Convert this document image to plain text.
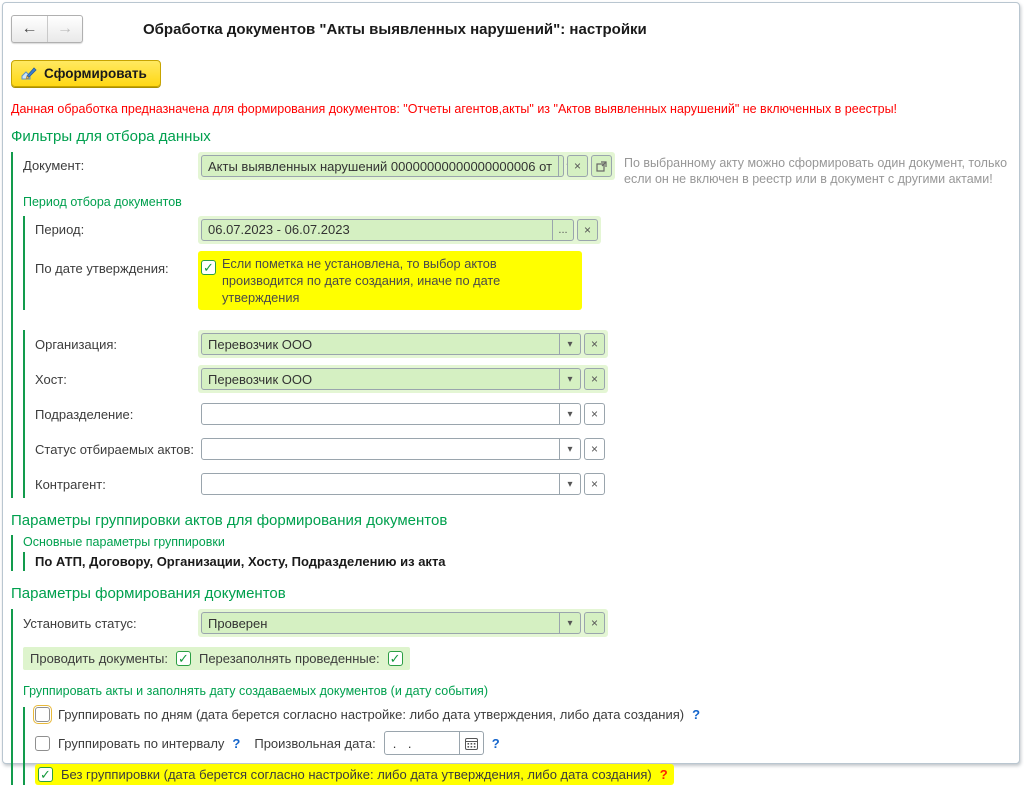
← →	Обработка документов "Акты выявленных нарушений": настройки
Сформировать
Данная обработка предназначена для формирования документов: "Отчеты агентов,акты" из "Актов выявленных нарушений" не включенных в реестры!
Фильтры для отбора данных
Документ:	Акты выявленных нарушений 00000000000000000006 от	×	По выбранному акту можно сформировать один документ, только если он не включен в реестр или в документ с другими актами!
Период отбора документов
Период:	06.07.2023 - 06.07.2023	... ×
По дате утверждения:	✓ Если пометка не установлена, то выбор актов производится по дате создания, иначе по дате утверждения
Организация:	Перевозчик ООО	▾ ×
Хост:	Перевозчик ООО	▾ ×
Подразделение:	▾ ×
Статус отбираемых актов:	▾ ×
Контрагент:	▾ ×
Параметры группировки актов для формирования документов
Основные параметры группировки
По АТП, Договору, Организации, Хосту, Подразделению из акта
Параметры формирования документов
Установить статус:	Проверен	▾ ×
Проводить документы: ✓ Перезаполнять проведенные: ✓
Группировать акты и заполнять дату создаваемых документов (и дату события)
Группировать по дням (дата берется согласно настройке: либо дата утверждения, либо дата создания) ?
Группировать по интервалу ? Произвольная дата:	. .	?
✓ Без группировки (дата берется согласно настройке: либо дата утверждения, либо дата создания) ?
